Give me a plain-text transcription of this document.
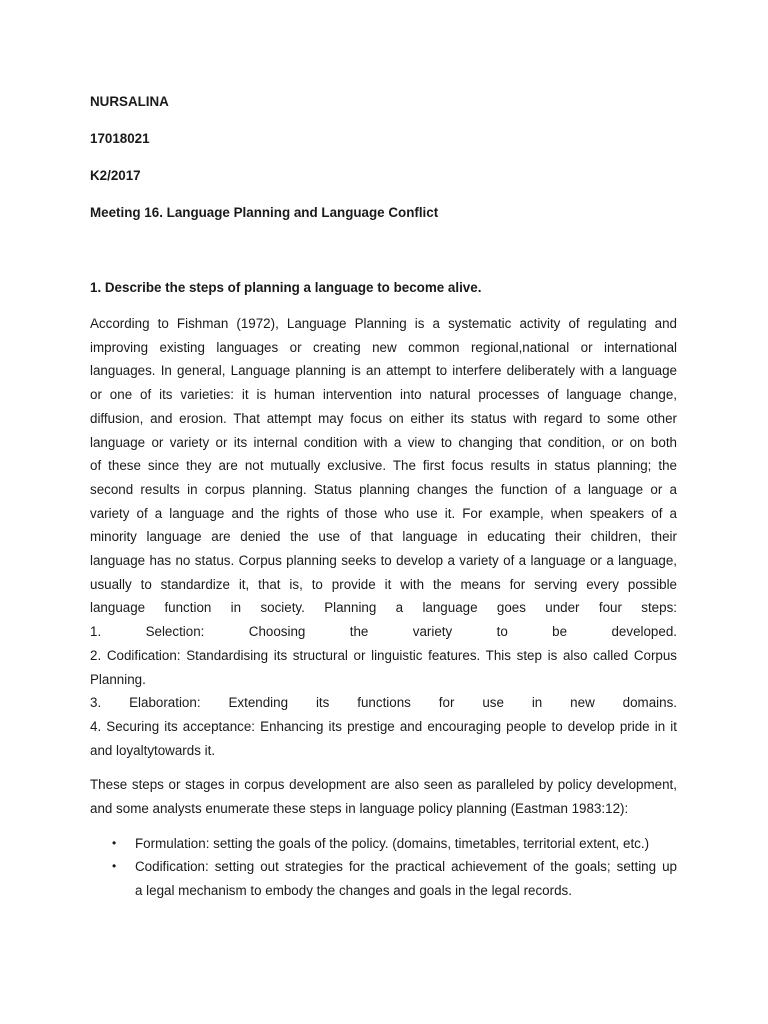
NURSALINA
17018021
K2/2017
Meeting 16. Language Planning and Language Conflict
1. Describe the steps of planning a language to become alive.
According to Fishman (1972), Language Planning is a systematic activity of regulating and
improving existing languages or creating new common regional,national or international
languages. In general, Language planning is an attempt to interfere deliberately with a language
or one of its varieties: it is human intervention into natural processes of language change,
diffusion, and erosion. That attempt may focus on either its status with regard to some other
language or variety or its internal condition with a view to changing that condition, or on both
of these since they are not mutually exclusive. The first focus results in status planning; the
second results in corpus planning. Status planning changes the function of a language or a
variety of a language and the rights of those who use it. For example, when speakers of a
minority language are denied the use of that language in educating their children, their
language has no status. Corpus planning seeks to develop a variety of a language or a language,
usually to standardize it, that is, to provide it with the means for serving every possible
language function in society. Planning a language goes under four steps:
1. Selection: Choosing the variety to be developed.
2. Codification: Standardising its structural or linguistic features. This step is also called Corpus
Planning.
3. Elaboration: Extending its functions for use in new domains.
4. Securing its acceptance: Enhancing its prestige and encouraging people to develop pride in it
and loyaltytowards it.
These steps or stages in corpus development are also seen as paralleled by policy development,
and some analysts enumerate these steps in language policy planning (Eastman 1983:12):
• Formulation: setting the goals of the policy. (domains, timetables, territorial extent, etc.)
• Codification: setting out strategies for the practical achievement of the goals; setting up
a legal mechanism to embody the changes and goals in the legal records.
